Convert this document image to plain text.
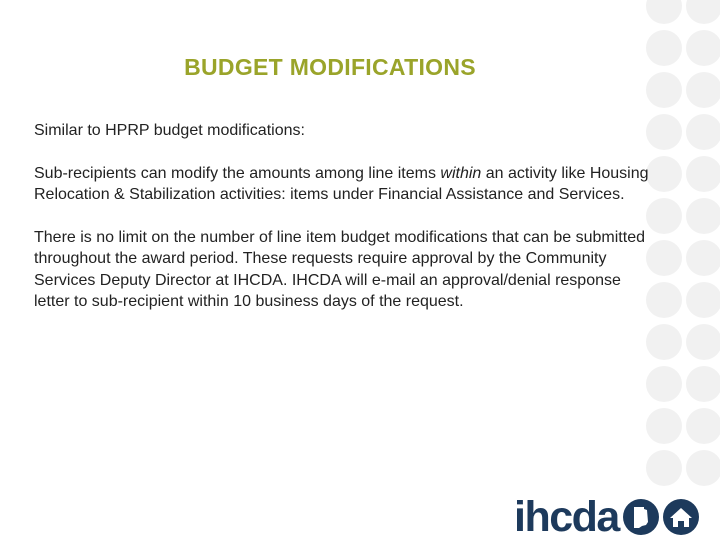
BUDGET MODIFICATIONS

Similar to HPRP budget modifications:

Sub-recipients can modify the amounts among line items within an activity like Housing Relocation & Stabilization activities: items under Financial Assistance and Services.

There is no limit on the number of line item budget modifications that can be submitted throughout the award period. These requests require approval by the Community Services Deputy Director at IHCDA. IHCDA will e-mail an approval/denial response letter to sub-recipient within 10 business days of the request.

ihcda
